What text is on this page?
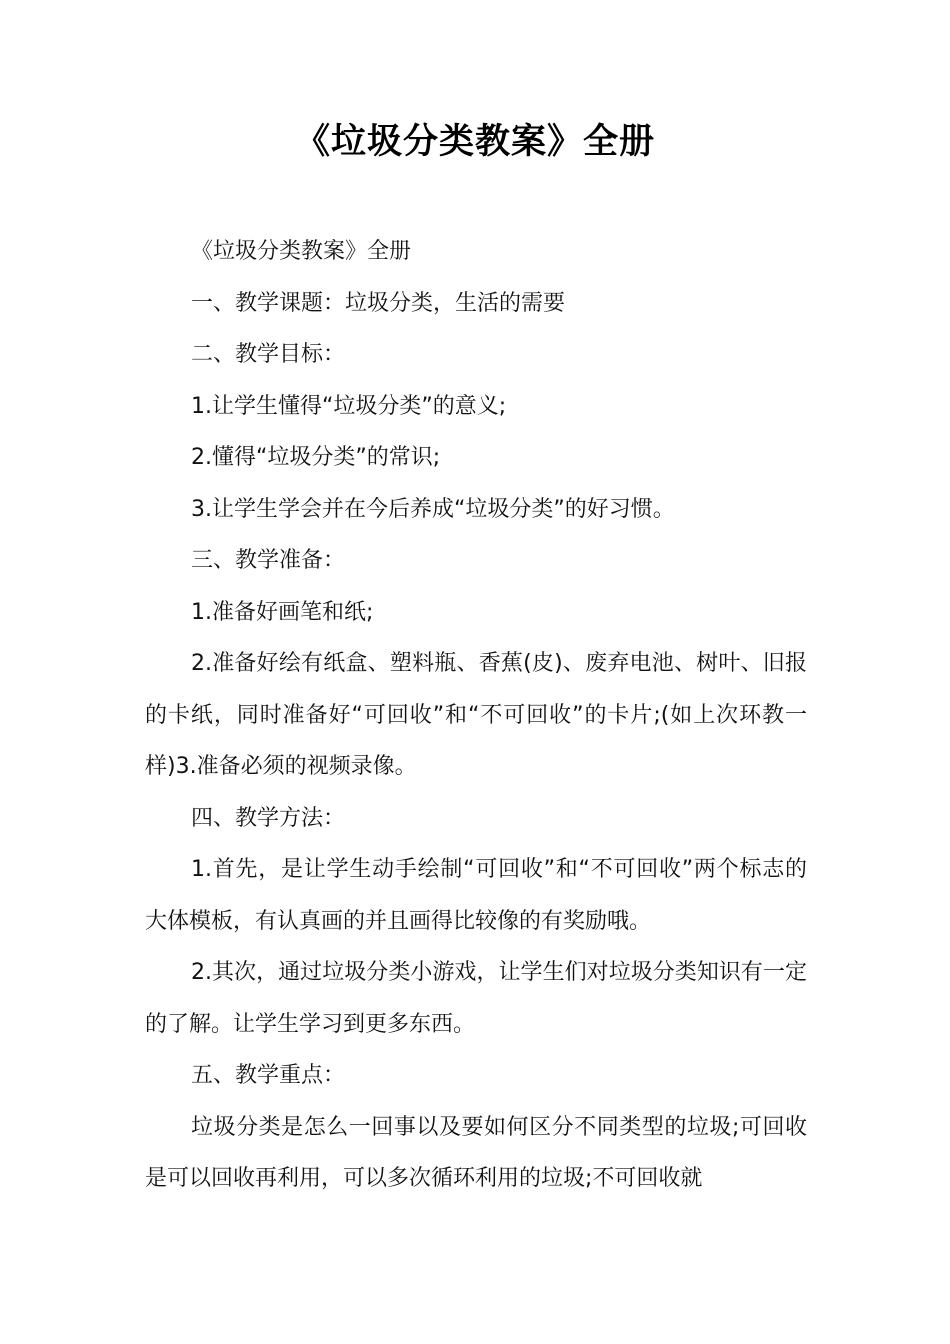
《垃圾分类教案》全册

《垃圾分类教案》全册

一、教学课题：垃圾分类，生活的需要

二、教学目标：

1.让学生懂得“垃圾分类”的意义;

2.懂得“垃圾分类”的常识;

3.让学生学会并在今后养成“垃圾分类”的好习惯。

三、教学准备：

1.准备好画笔和纸;

2.准备好绘有纸盒、塑料瓶、香蕉(皮)、废弃电池、树叶、旧报的卡纸，同时准备好“可回收”和“不可回收”的卡片;(如上次环教一样)3.准备必须的视频录像。

四、教学方法：

1.首先，是让学生动手绘制“可回收”和“不可回收”两个标志的大体模板，有认真画的并且画得比较像的有奖励哦。

2.其次，通过垃圾分类小游戏，让学生们对垃圾分类知识有一定的了解。让学生学习到更多东西。

五、教学重点：

垃圾分类是怎么一回事以及要如何区分不同类型的垃圾;可回收是可以回收再利用，可以多次循环利用的垃圾;不可回收就
